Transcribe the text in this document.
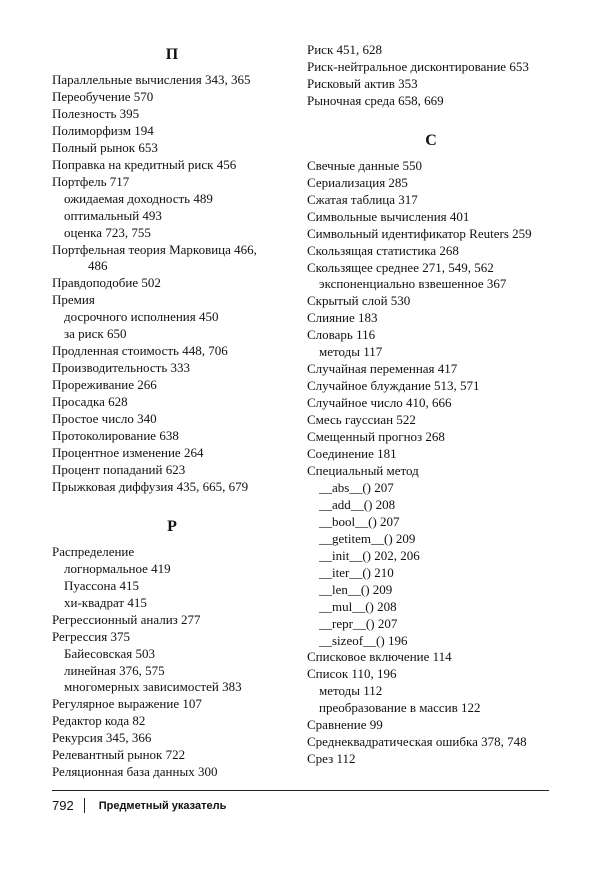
П
Параллельные вычисления 343, 365
Переобучение 570
Полезность 395
Полиморфизм 194
Полный рынок 653
Поправка на кредитный риск 456
Портфель 717
ожидаемая доходность 489
оптимальный 493
оценка 723, 755
Портфельная теория Марковица 466,
486
Правдоподобие 502
Премия
досрочного исполнения 450
за риск 650
Продленная стоимость 448, 706
Производительность 333
Прореживание 266
Просадка 628
Простое число 340
Протоколирование 638
Процентное изменение 264
Процент попаданий 623
Прыжковая диффузия 435, 665, 679
Р
Распределение
логнормальное 419
Пуассона 415
хи-квадрат 415
Регрессионный анализ 277
Регрессия 375
Байесовская 503
линейная 376, 575
многомерных зависимостей 383
Регулярное выражение 107
Редактор кода 82
Рекурсия 345, 366
Релевантный рынок 722
Реляционная база данных 300
Риск 451, 628
Риск-нейтральное дисконтирование 653
Рисковый актив 353
Рыночная среда 658, 669
С
Свечные данные 550
Сериализация 285
Сжатая таблица 317
Символьные вычисления 401
Символьный идентификатор Reuters 259
Скользящая статистика 268
Скользящее среднее 271, 549, 562
экспоненциально взвешенное 367
Скрытый слой 530
Слияние 183
Словарь 116
методы 117
Случайная переменная 417
Случайное блуждание 513, 571
Случайное число 410, 666
Смесь гауссиан 522
Смещенный прогноз 268
Соединение 181
Специальный метод
__abs__() 207
__add__() 208
__bool__() 207
__getitem__() 209
__init__() 202, 206
__iter__() 210
__len__() 209
__mul__() 208
__repr__() 207
__sizeof__() 196
Списковое включение 114
Список 110, 196
методы 112
преобразование в массив 122
Сравнение 99
Среднеквадратическая ошибка 378, 748
Срез 112
792 Предметный указатель
